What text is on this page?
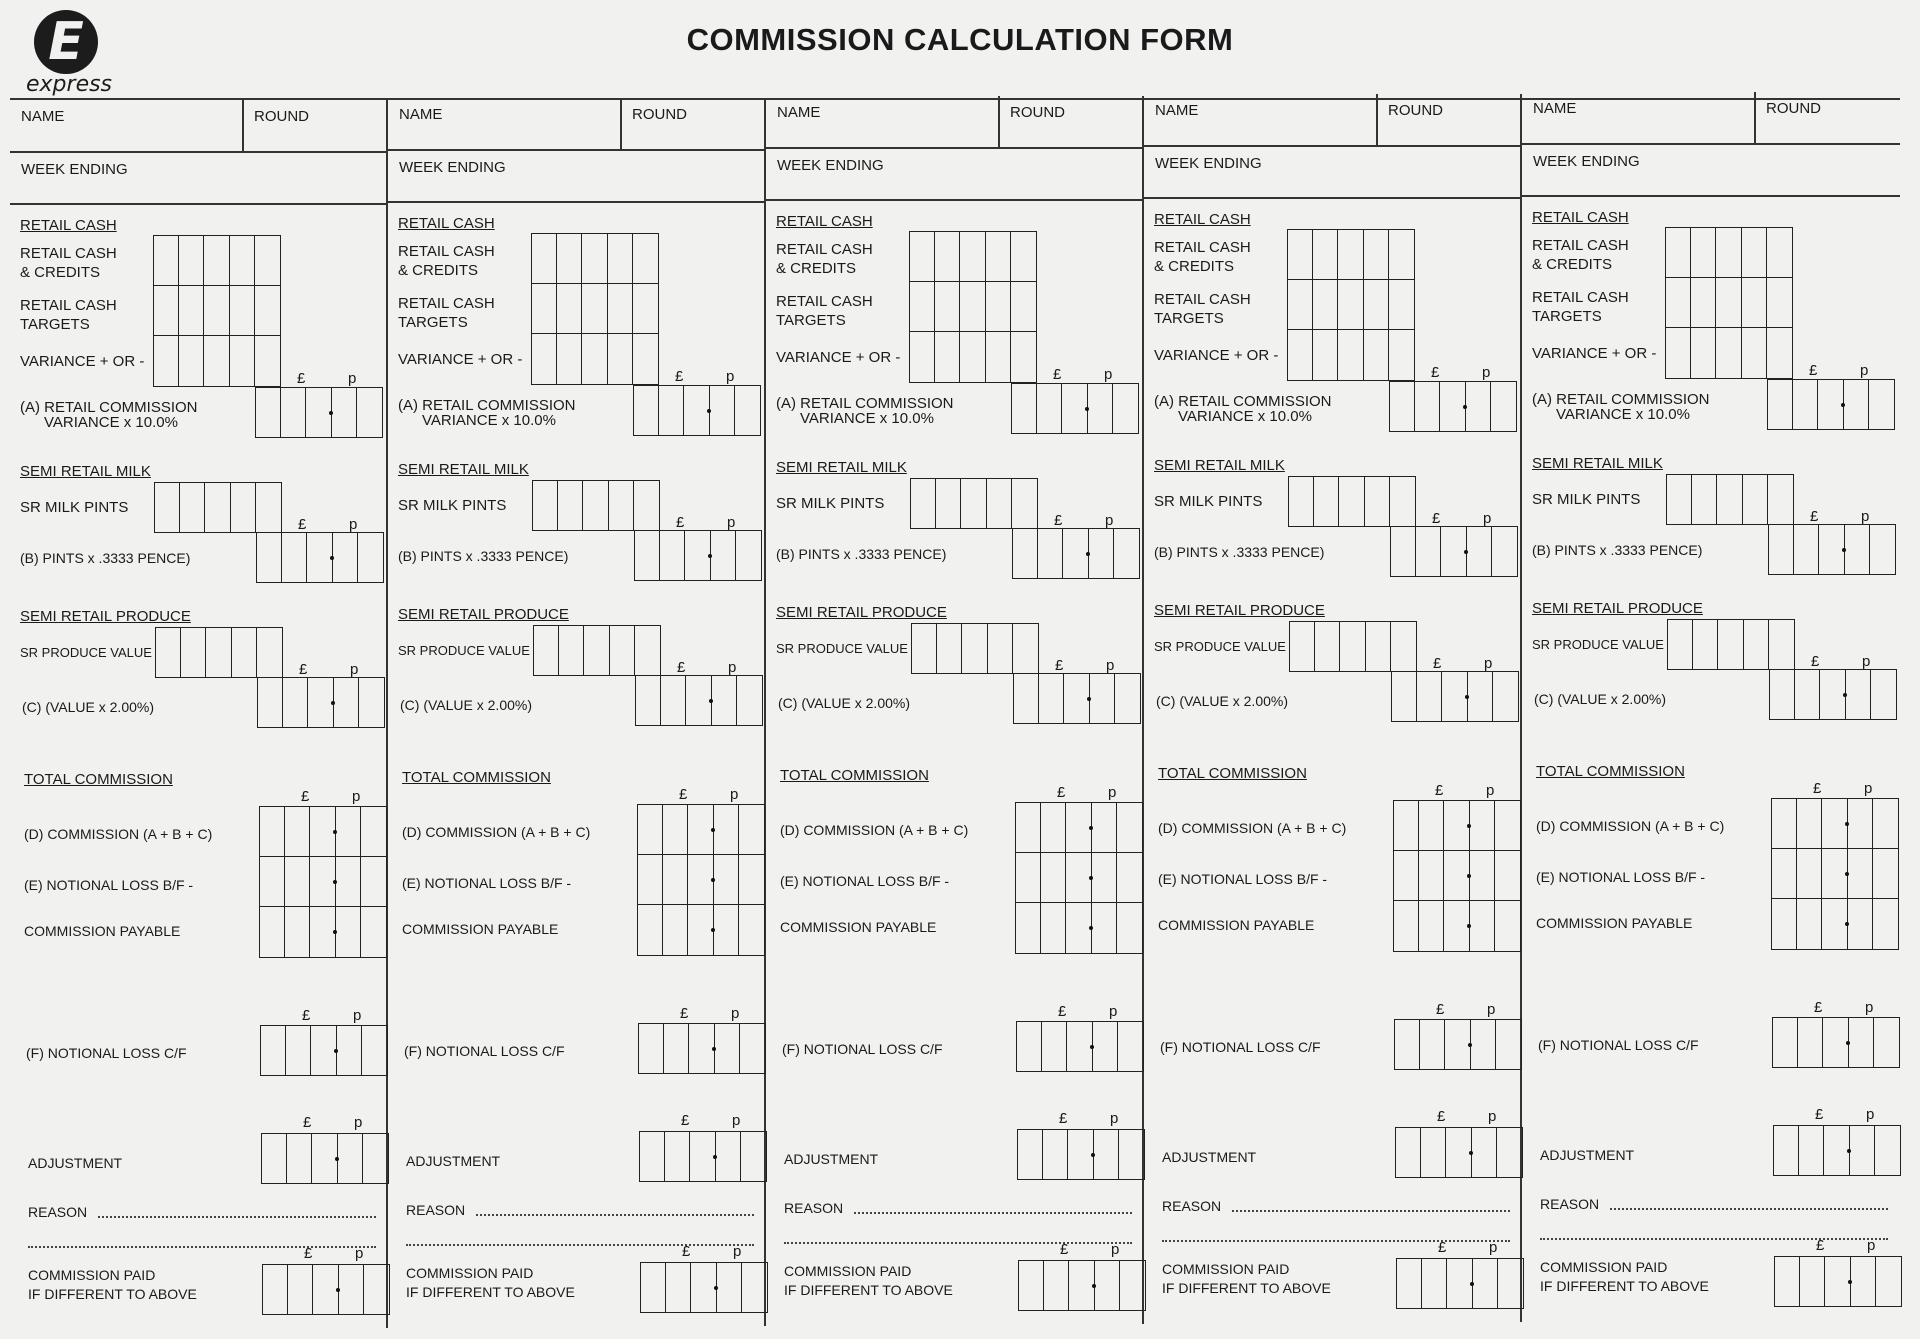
E
express
COMMISSION CALCULATION FORM
NAME	ROUND
WEEK ENDING
RETAIL CASH
RETAIL CASH
& CREDITS
RETAIL CASH
TARGETS
VARIANCE + OR -
£	p
(A) RETAIL COMMISSION
VARIANCE x 10.0%
SEMI RETAIL MILK
SR MILK PINTS
£	p
(B) PINTS x .3333 PENCE)
SEMI RETAIL PRODUCE
SR PRODUCE VALUE
£	p
(C) (VALUE x 2.00%)
TOTAL COMMISSION
£	p
(D) COMMISSION (A + B + C)
(E) NOTIONAL LOSS B/F -
COMMISSION PAYABLE
£	p
(F) NOTIONAL LOSS C/F
£	p
ADJUSTMENT
REASON
£	p
COMMISSION PAID
IF DIFFERENT TO ABOVE
NAME	ROUND
WEEK ENDING
RETAIL CASH
RETAIL CASH
& CREDITS
RETAIL CASH
TARGETS
VARIANCE + OR -
£	p
(A) RETAIL COMMISSION
VARIANCE x 10.0%
SEMI RETAIL MILK
SR MILK PINTS
£	p
(B) PINTS x .3333 PENCE)
SEMI RETAIL PRODUCE
SR PRODUCE VALUE
£	p
(C) (VALUE x 2.00%)
TOTAL COMMISSION
£	p
(D) COMMISSION (A + B + C)
(E) NOTIONAL LOSS B/F -
COMMISSION PAYABLE
£	p
(F) NOTIONAL LOSS C/F
£	p
ADJUSTMENT
REASON
£	p
COMMISSION PAID
IF DIFFERENT TO ABOVE
NAME	ROUND
WEEK ENDING
RETAIL CASH
RETAIL CASH
& CREDITS
RETAIL CASH
TARGETS
VARIANCE + OR -
£	p
(A) RETAIL COMMISSION
VARIANCE x 10.0%
SEMI RETAIL MILK
SR MILK PINTS
£	p
(B) PINTS x .3333 PENCE)
SEMI RETAIL PRODUCE
SR PRODUCE VALUE
£	p
(C) (VALUE x 2.00%)
TOTAL COMMISSION
£	p
(D) COMMISSION (A + B + C)
(E) NOTIONAL LOSS B/F -
COMMISSION PAYABLE
£	p
(F) NOTIONAL LOSS C/F
£	p
ADJUSTMENT
REASON
£	p
COMMISSION PAID
IF DIFFERENT TO ABOVE
NAME	ROUND
WEEK ENDING
RETAIL CASH
RETAIL CASH
& CREDITS
RETAIL CASH
TARGETS
VARIANCE + OR -
£	p
(A) RETAIL COMMISSION
VARIANCE x 10.0%
SEMI RETAIL MILK
SR MILK PINTS
£	p
(B) PINTS x .3333 PENCE)
SEMI RETAIL PRODUCE
SR PRODUCE VALUE
£	p
(C) (VALUE x 2.00%)
TOTAL COMMISSION
£	p
(D) COMMISSION (A + B + C)
(E) NOTIONAL LOSS B/F -
COMMISSION PAYABLE
£	p
(F) NOTIONAL LOSS C/F
£	p
ADJUSTMENT
REASON
£	p
COMMISSION PAID
IF DIFFERENT TO ABOVE
NAME	ROUND
WEEK ENDING
RETAIL CASH
RETAIL CASH
& CREDITS
RETAIL CASH
TARGETS
VARIANCE + OR -
£	p
(A) RETAIL COMMISSION
VARIANCE x 10.0%
SEMI RETAIL MILK
SR MILK PINTS
£	p
(B) PINTS x .3333 PENCE)
SEMI RETAIL PRODUCE
SR PRODUCE VALUE
£	p
(C) (VALUE x 2.00%)
TOTAL COMMISSION
£	p
(D) COMMISSION (A + B + C)
(E) NOTIONAL LOSS B/F -
COMMISSION PAYABLE
£	p
(F) NOTIONAL LOSS C/F
£	p
ADJUSTMENT
REASON
£	p
COMMISSION PAID
IF DIFFERENT TO ABOVE
